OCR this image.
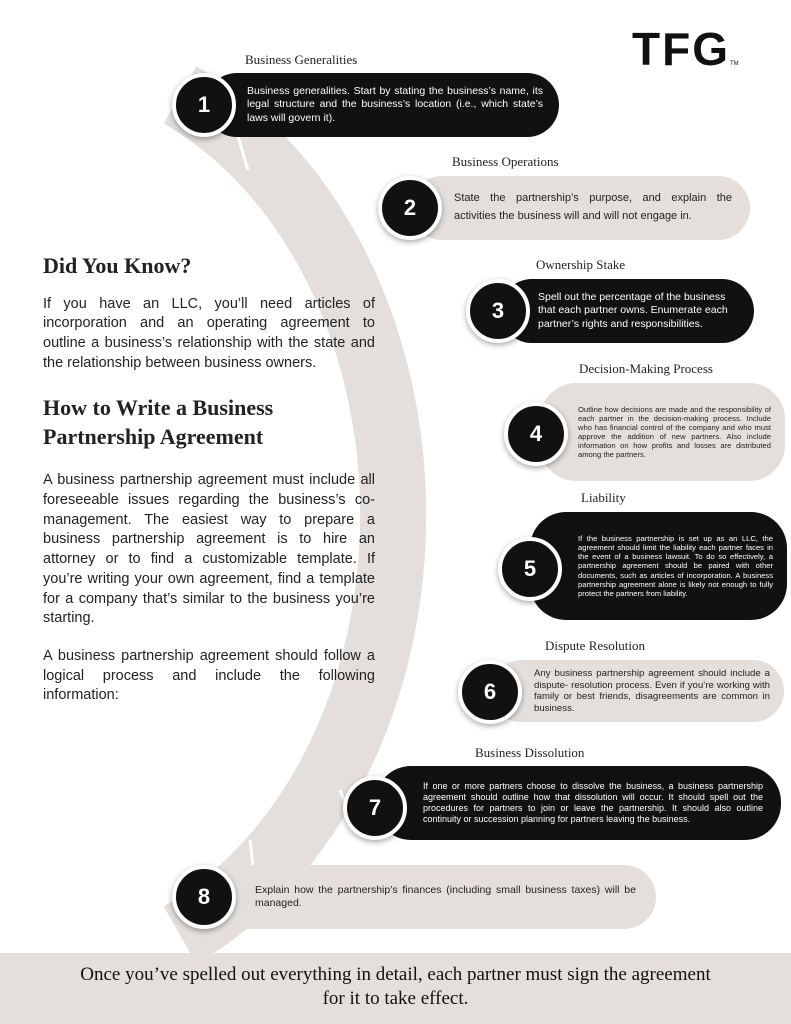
TFGTM
Did You Know?

If you have an LLC, you’ll need articles of incorporation and an operating agreement to outline a business’s relationship with the state and the relationship between business owners.

How to Write a Business Partnership Agreement

A business partnership agreement must include all foreseeable issues regarding the business’s co-management. The easiest way to prepare a business partnership agreement is to hire an attorney or to find a customizable template. If you’re writing your own agreement, find a template for a company that’s similar to the business you’re starting.

A business partnership agreement should follow a logical process and include the following information:

Business Generalities
Business generalities. Start by stating the business’s name, its legal structure and the business’s location (i.e., which state’s laws will govern it).
1
Business Operations
State the partnership’s purpose, and explain the activities the business will and will not engage in.
2
Ownership Stake
Spell out the percentage of the business that each partner owns. Enumerate each partner’s rights and responsibilities.
3
Decision-Making Process
Outline how decisions are made and the responsibility of each partner in the decision-making process. Include who has financial control of the company and who must approve the addition of new partners. Also include information on how profits and losses are distributed among the partners.
4
Liability
If the business partnership is set up as an LLC, the agreement should limit the liability each partner faces in the event of a business lawsuit. To do so effectively, a partnership agreement should be paired with other documents, such as articles of incorporation. A business partnership agreement alone is likely not enough to fully protect the partners from liability.
5
Dispute Resolution
Any business partnership agreement should include a dispute- resolution process. Even if you’re working with family or best friends, disagreements are common in business.
6
Business Dissolution
If one or more partners choose to dissolve the business, a business partnership agreement should outline how that dissolution will occur. It should spell out the procedures for partners to join or leave the partnership. It should also outline continuity or succession planning for partners leaving the business.
7
Explain how the partnership’s finances (including small business taxes) will be managed.
8
Once you’ve spelled out everything in detail, each partner must sign the agreement
for it to take effect.
